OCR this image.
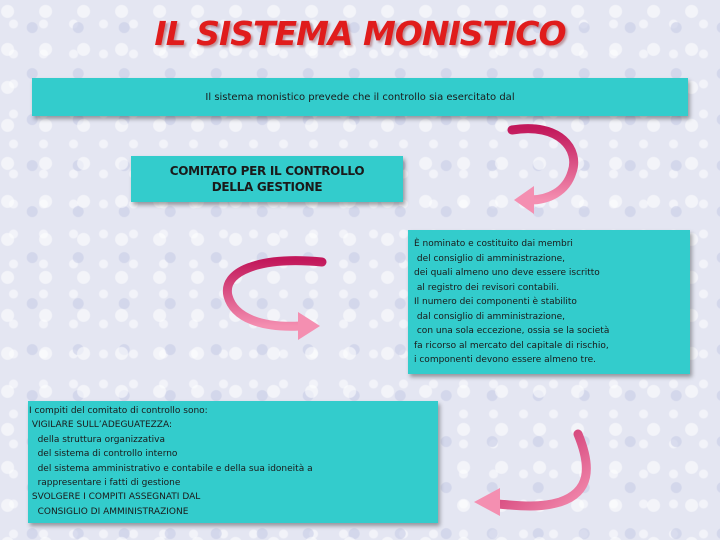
IL SISTEMA MONISTICO
Il sistema monistico prevede che il controllo sia esercitato dal
COMITATO PER IL CONTROLLO
DELLA GESTIONE
È nominato e costituito dai membri
del consiglio di amministrazione,
dei quali almeno uno deve essere iscritto
al registro dei revisori contabili.
Il numero dei componenti è stabilito
dal consiglio di amministrazione,
con una sola eccezione, ossia se la società
fa ricorso al mercato del capitale di rischio,
i componenti devono essere almeno tre.
I compiti del comitato di controllo sono:
VIGILARE SULL’ADEGUATEZZA:
della struttura organizzativa
del sistema di controllo interno
del sistema amministrativo e contabile e della sua idoneità a
rappresentare i fatti di gestione
SVOLGERE I COMPITI ASSEGNATI DAL
CONSIGLIO DI AMMINISTRAZIONE
